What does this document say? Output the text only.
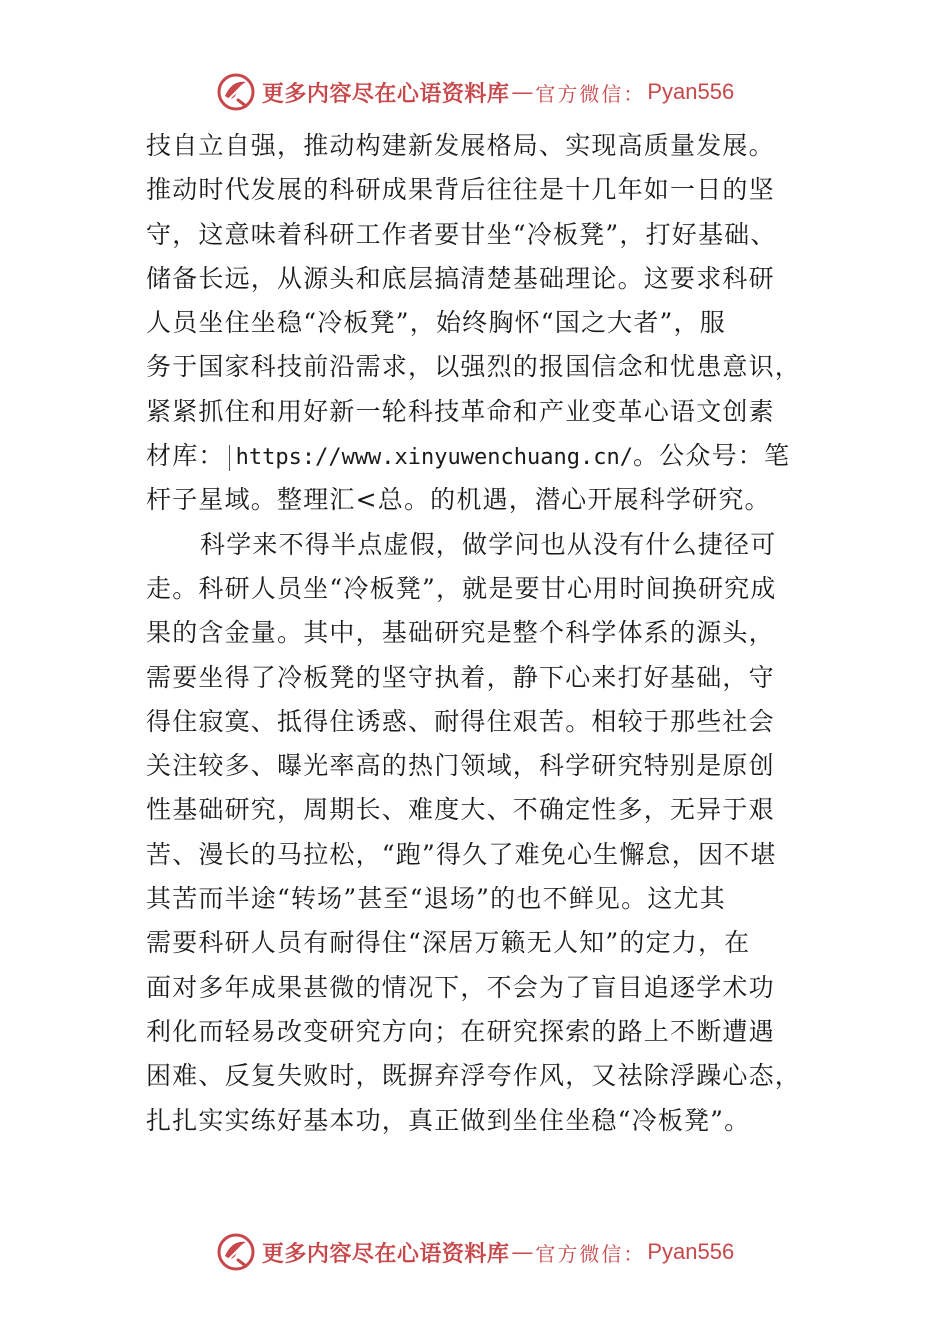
更多内容尽在心语资料库 — 官方微信： Pyan556
技自立自强，推动构建新发展格局、实现高质量发展。
推动时代发展的科研成果背后往往是十几年如一日的坚
守，这意味着科研工作者要甘坐“冷板凳”，打好基础、
储备长远，从源头和底层搞清楚基础理论。这要求科研
人员坐住坐稳“冷板凳”，始终胸怀“国之大者”，服
务于国家科技前沿需求，以强烈的报国信念和忧患意识，
紧紧抓住和用好新一轮科技革命和产业变革心语文创素
材库： https://www.xinyuwenchuang.cn/。公众号：笔
杆子星域。整理汇<总。的机遇，潜心开展科学研究。
科学来不得半点虚假，做学问也从没有什么捷径可
走。科研人员坐“冷板凳”，就是要甘心用时间换研究成
果的含金量。其中，基础研究是整个科学体系的源头，
需要坐得了冷板凳的坚守执着，静下心来打好基础，守
得住寂寞、抵得住诱惑、耐得住艰苦。相较于那些社会
关注较多、曝光率高的热门领域，科学研究特别是原创
性基础研究，周期长、难度大、不确定性多，无异于艰
苦、漫长的马拉松，“跑”得久了难免心生懈怠，因不堪
其苦而半途“转场”甚至“退场”的也不鲜见。这尤其
需要科研人员有耐得住“深居万籁无人知”的定力，在
面对多年成果甚微的情况下，不会为了盲目追逐学术功
利化而轻易改变研究方向；在研究探索的路上不断遭遇
困难、反复失败时，既摒弃浮夸作风，又祛除浮躁心态，
扎扎实实练好基本功，真正做到坐住坐稳“冷板凳”。
更多内容尽在心语资料库 — 官方微信： Pyan556
